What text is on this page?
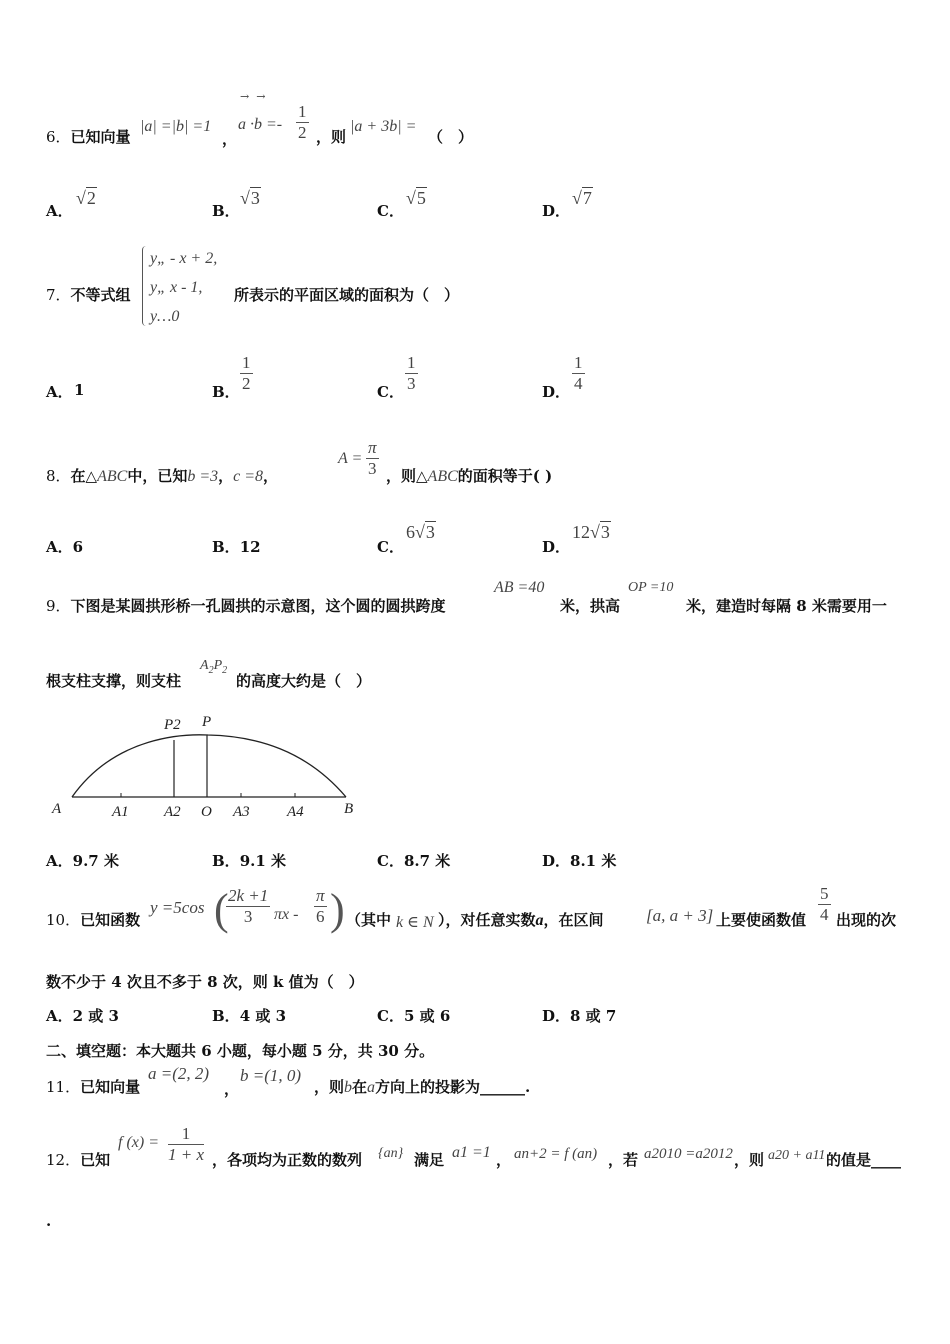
6．已知向量
|a| =|b| =1
，
a ·b =-
→  →
$\frac{1}{2}$ ，则
|a + 3b| =
（　）
A．
√2
B．
√3
C．
√5
D．
√7
7．不等式组
y„ - x + 2,
y„ x - 1,
y…0
所表示的平面区域的面积为（　）
A． 1	B． $\frac{1}{2}$	C． $\frac{1}{3}$	D． $\frac{1}{4}$
8．在△ABC中，已知b =3，c =8，
$A = \frac{\pi}{3}$ ，则△ABC的面积等于( )
A．6	B．12	C．
6√3
D．
12√3
9．下图是某圆拱形桥一孔圆拱的示意图，这个圆的圆拱跨度
AB =40
米，拱高
OP =10
米，建造时每隔 8 米需要用一
根支柱支撑，则支柱
$A_2P_2$
的高度大约是（　）
A	A1 A2 O A3 A4	B
P
P2
A．9.7 米	B．9.1 米	C．8.7 米	D．8.1 米
10．已知函数
y =5cos (
$\frac{2k +1}{3}$ πx - $\frac{\pi}{6}$ ) （其中 k ∈ N ），对任意实数a，在区间 [a, a + 3] 上要使函数值 $\frac{5}{4}$ 出现的次
数不少于 4 次且不多于 8 次，则 k 值为（　）
A．2 或 3	B．4 或 3	C．5 或 6	D．8 或 7
二、填空题：本大题共 6 小题，每小题 5 分，共 30 分。
11．已知向量
a =(2, 2)
，
b =(1, 0)
，则b在a方向上的投影为______.
12．已知
f $(x) = \frac{1}{1 + x}$ ，各项均为正数的数列 {an} 满足 a1 =1 ， an+2 = f (an) ，若 a2010 =a2012 ，则 a20 + a11 的值是____
.
